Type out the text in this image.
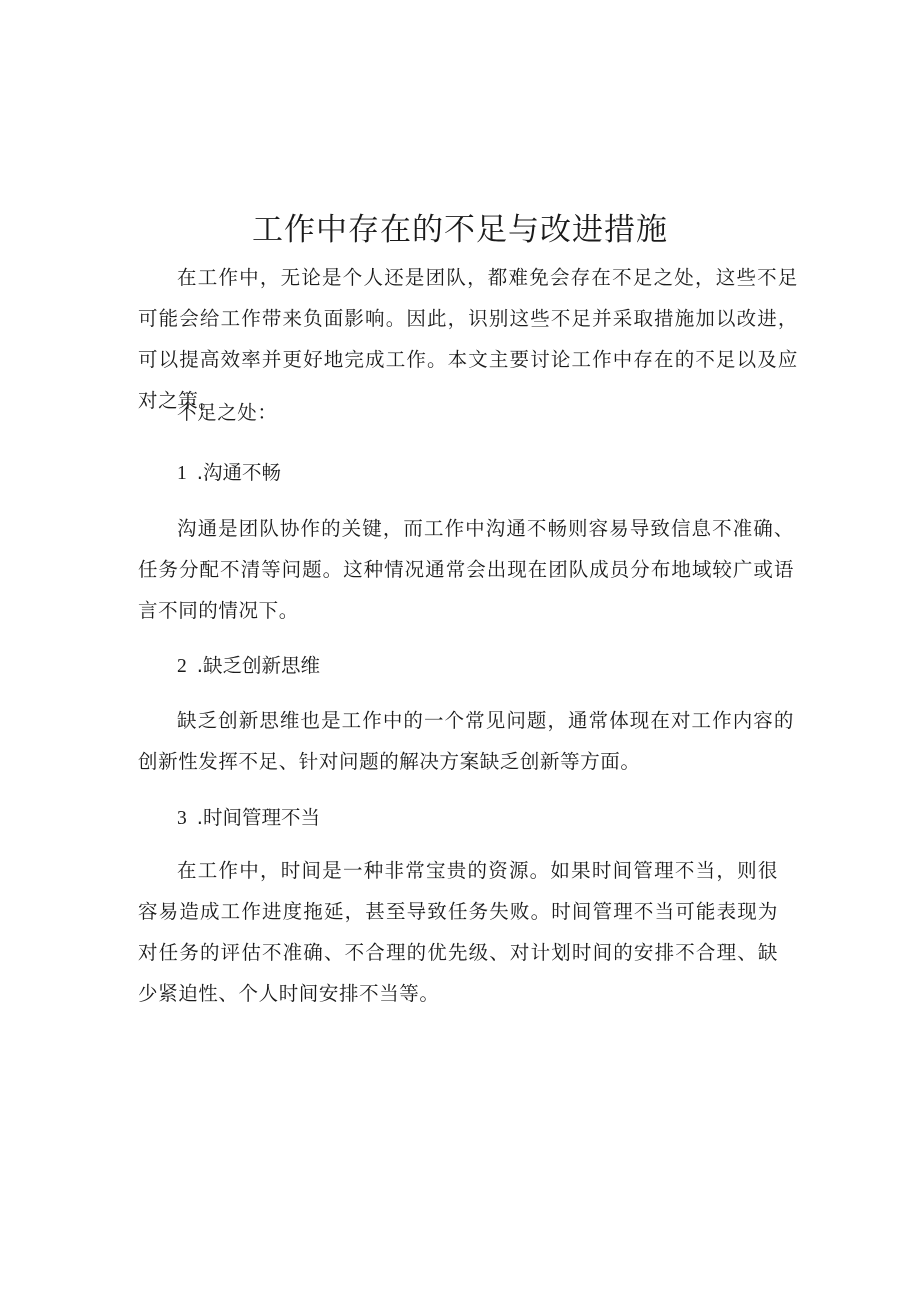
工作中存在的不足与改进措施
在工作中，无论是个人还是团队，都难免会存在不足之处，这些不足可能会给工作带来负面影响。因此，识别这些不足并采取措施加以改进，可以提高效率并更好地完成工作。本文主要讨论工作中存在的不足以及应对之策。
不足之处：
1 .沟通不畅
沟通是团队协作的关键，而工作中沟通不畅则容易导致信息不准确、任务分配不清等问题。这种情况通常会出现在团队成员分布地域较广或语言不同的情况下。
2 .缺乏创新思维
缺乏创新思维也是工作中的一个常见问题，通常体现在对工作内容的创新性发挥不足、针对问题的解决方案缺乏创新等方面。
3 .时间管理不当
在工作中，时间是一种非常宝贵的资源。如果时间管理不当，则很容易造成工作进度拖延，甚至导致任务失败。时间管理不当可能表现为对任务的评估不准确、不合理的优先级、对计划时间的安排不合理、缺少紧迫性、个人时间安排不当等。
